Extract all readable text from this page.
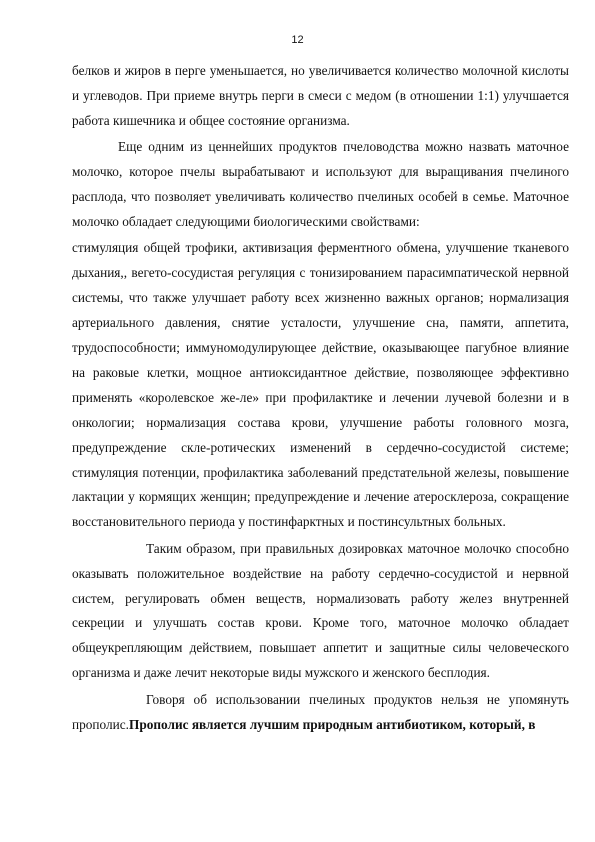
12

белков и жиров в перге уменьшается, но увеличивается количество молочной кислоты и углеводов. При приеме внутрь перги в смеси с медом (в отношении 1:1) улучшается работа кишечника и общее состояние организма.

Еще одним из ценнейших продуктов пчеловодства можно назвать маточное молочко, которое пчелы вырабатывают и используют для выращивания пчелиного расплода, что позволяет увеличивать количество пчелиных особей в семье. Маточное молочко обладает следующими биологическими свойствами:

стимуляция общей трофики, активизация ферментного обмена, улучшение тканевого дыхания,, вегето-сосудистая регуляция с тонизированием парасимпатической нервной системы, что также улучшает работу всех жизненно важных органов; нормализация артериального давления, снятие усталости, улучшение сна, памяти, аппетита, трудоспособности; иммуномодулирующее действие, оказывающее пагубное влияние на раковые клетки, мощное антиоксидантное действие, позволяющее эффективно применять «королевское же-ле» при профилактике и лечении лучевой болезни и в онкологии; нормализация состава крови, улучшение работы головного мозга, предупреждение скле-ротических изменений в сердечно-сосудистой системе; стимуляция потенции, профилактика заболеваний предстательной железы, повышение лактации у кормящих женщин; предупреждение и лечение атеросклероза, сокращение восстановительного периода у постинфарктных и постинсультных больных.

Таким образом, при правильных дозировках маточное молочко способно оказывать положительное воздействие на работу сердечно-сосудистой и нервной систем, регулировать обмен веществ, нормализовать работу желез внутренней секреции и улучшать состав крови. Кроме того, маточное молочко обладает общеукрепляющим действием, повышает аппетит и защитные силы человеческого организма и даже лечит некоторые виды мужского и женского бесплодия.

Говоря об использовании пчелиных продуктов нельзя не упомянуть прополис.Прополис является лучшим природным антибиотиком, который, в
